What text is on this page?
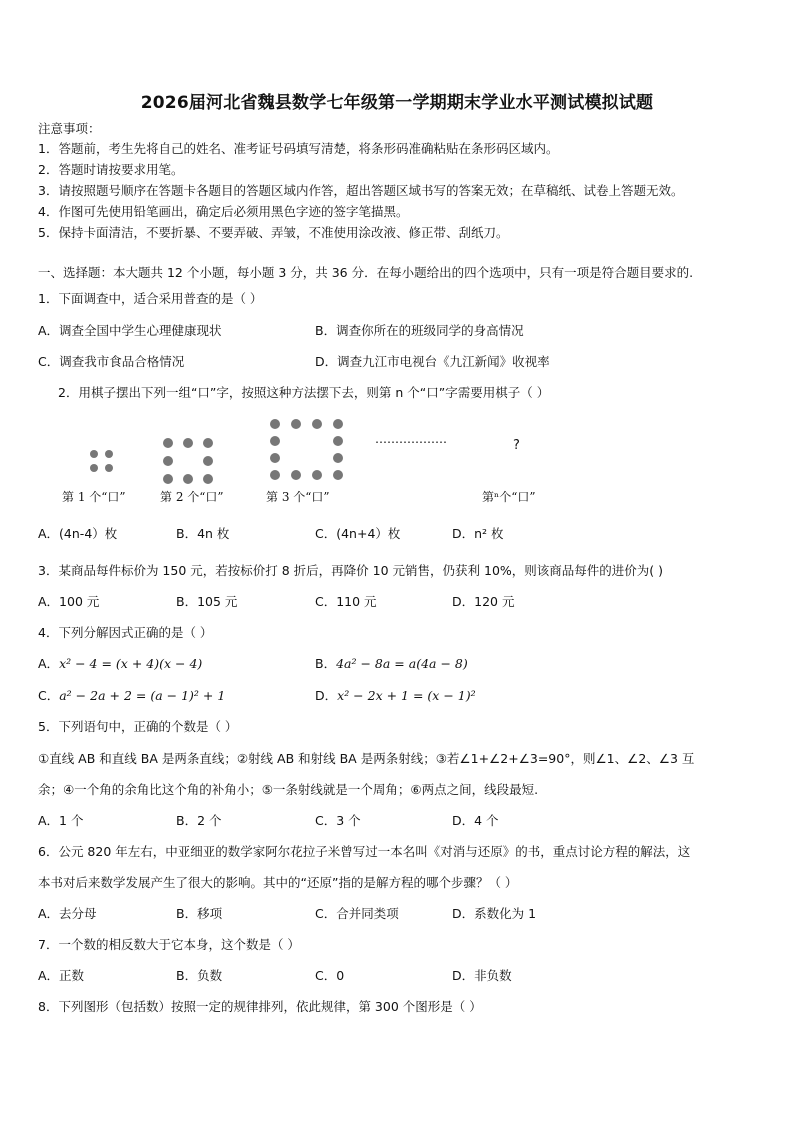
2026届河北省魏县数学七年级第一学期期末学业水平测试模拟试题
注意事项：
1．答题前，考生先将自己的姓名、准考证号码填写清楚，将条形码准确粘贴在条形码区域内。
2．答题时请按要求用笔。
3．请按照题号顺序在答题卡各题目的答题区域内作答，超出答题区域书写的答案无效；在草稿纸、试卷上答题无效。
4．作图可先使用铅笔画出，确定后必须用黑色字迹的签字笔描黑。
5．保持卡面清洁，不要折暴、不要弄破、弄皱，不准使用涂改液、修正带、刮纸刀。
一、选择题：本大题共 12 个小题，每小题 3 分，共 36 分．在每小题给出的四个选项中，只有一项是符合题目要求的.
1．下面调查中，适合采用普查的是（ ）
A．调查全国中学生心理健康现状	B．调查你所在的班级同学的身高情况
C．调查我市食品合格情况	D．调查九江市电视台《九江新闻》收视率
2．用棋子摆出下列一组“口”字，按照这种方法摆下去，则第 n 个“口”字需要用棋子（ ）
………………	?
第 1 个“口”	第 2 个“口”	第 3 个“口”	第ⁿ个“口”
A．(4n-4）枚	B．4n 枚	C．(4n+4）枚	D．n² 枚
3．某商品每件标价为 150 元，若按标价打 8 折后，再降价 10 元销售，仍获利 10%，则该商品每件的进价为( )
A．100 元	B．105 元	C．110 元	D．120 元
4．下列分解因式正确的是（ ）
A．x² − 4 = (x + 4)(x − 4)	B．4a² − 8a = a(4a − 8)
C．a² − 2a + 2 = (a − 1)² + 1	D．x² − 2x + 1 = (x − 1)²
5．下列语句中，正确的个数是（ ）
①直线 AB 和直线 BA 是两条直线；②射线 AB 和射线 BA 是两条射线；③若∠1+∠2+∠3=90°，则∠1、∠2、∠3 互
余；④一个角的余角比这个角的补角小；⑤一条射线就是一个周角；⑥两点之间，线段最短.
A．1 个	B．2 个	C．3 个	D．4 个
6．公元 820 年左右，中亚细亚的数学家阿尔花拉子米曾写过一本名叫《对消与还原》的书，重点讨论方程的解法，这
本书对后来数学发展产生了很大的影响。其中的“还原”指的是解方程的哪个步骤？（ ）
A．去分母	B．移项	C．合并同类项	D．系数化为 1
7．一个数的相反数大于它本身，这个数是（ ）
A．正数	B．负数	C．0	D．非负数
8．下列图形（包括数）按照一定的规律排列，依此规律，第 300 个图形是（ ）
